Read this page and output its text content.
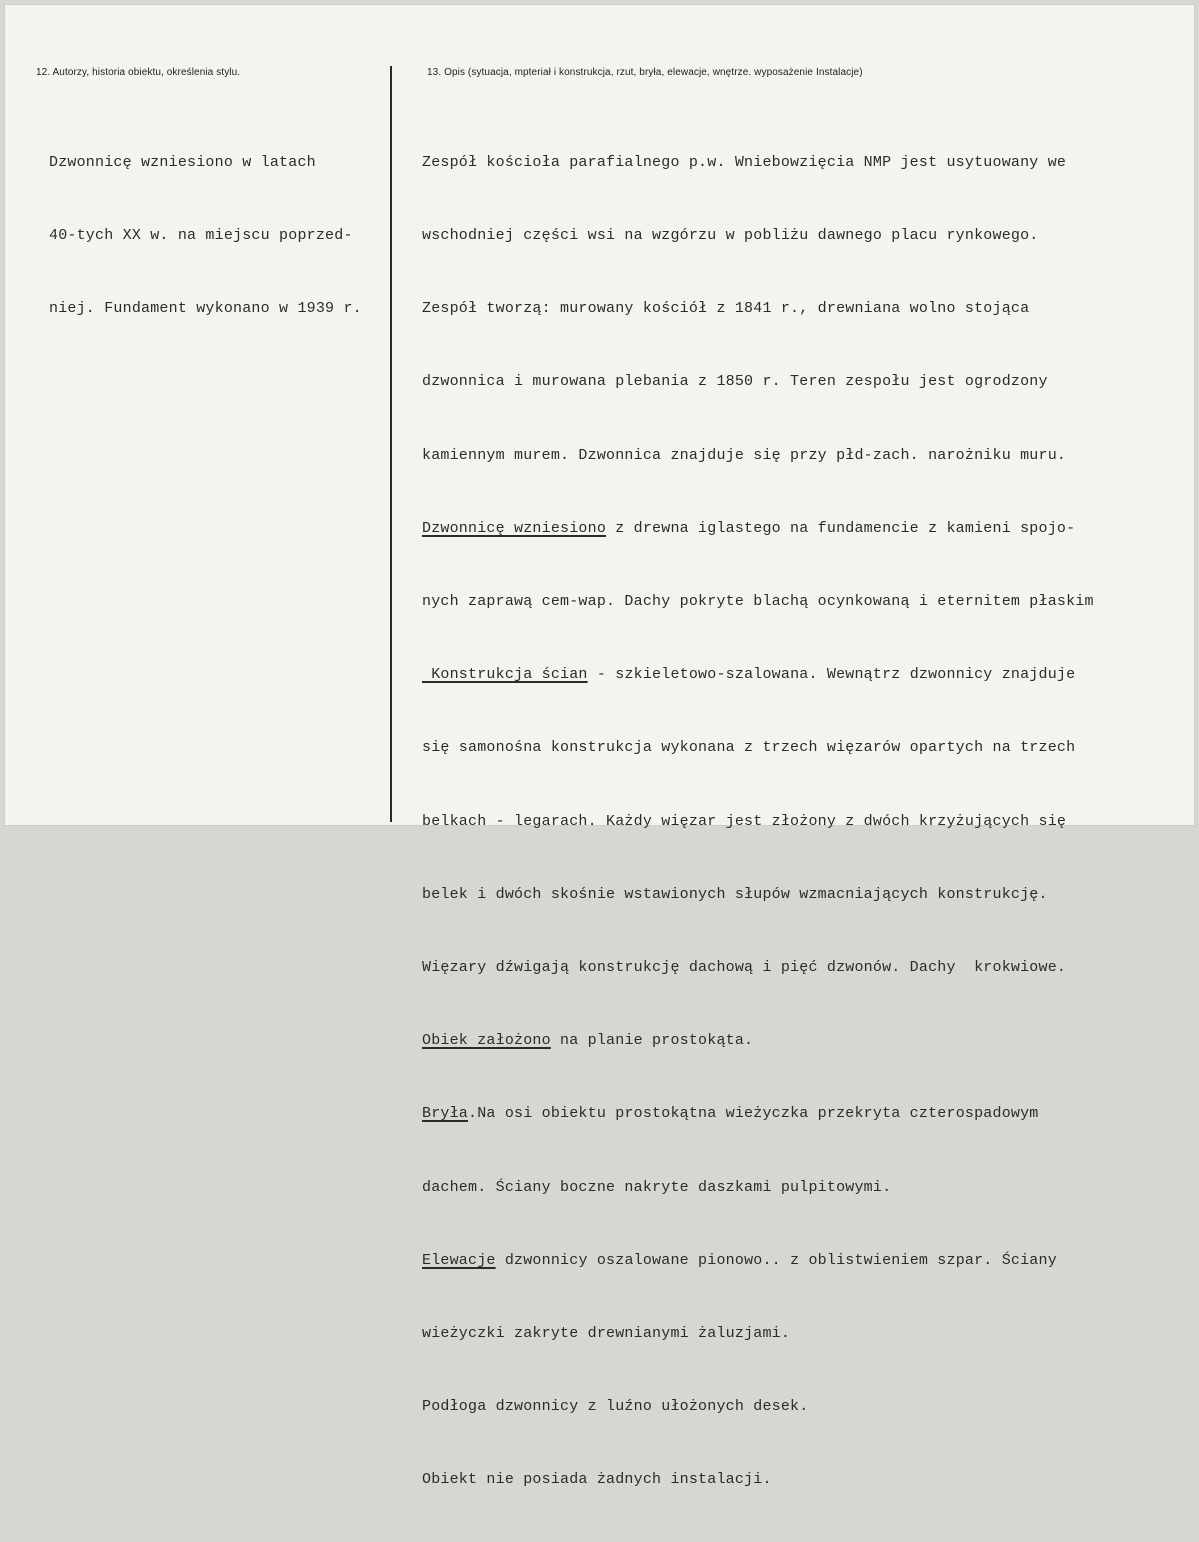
12. Autorzy, historia obiektu, określenia stylu.	13. Opis (sytuacja, mpteriał i konstrukcja, rzut, bryła, elewacje, wnętrze. wyposażenie Instalacje)

Dzwonnicę wzniesiono w latach

40-tych XX w. na miejscu poprzed-

niej. Fundament wykonano w 1939 r.

Zespół kościoła parafialnego p.w. Wniebowzięcia NMP jest usytuowany we

wschodniej części wsi na wzgórzu w pobliżu dawnego placu rynkowego.

Zespół tworzą: murowany kościół z 1841 r., drewniana wolno stojąca

dzwonnica i murowana plebania z 1850 r. Teren zespołu jest ogrodzony

kamiennym murem. Dzwonnica znajduje się przy płd-zach. narożniku muru.

Dzwonnicę wzniesiono z drewna iglastego na fundamencie z kamieni spojo-

nych zaprawą cem-wap. Dachy pokryte blachą ocynkowaną i eternitem płaskim

Konstrukcja ścian - szkieletowo-szalowana. Wewnątrz dzwonnicy znajduje

się samonośna konstrukcja wykonana z trzech więzarów opartych na trzech

belkach - legarach. Każdy więzar jest złożony z dwóch krzyżujących się

belek i dwóch skośnie wstawionych słupów wzmacniających konstrukcję.

Więzary dźwigają konstrukcję dachową i pięć dzwonów. Dachy  krokwiowe.

Obiek założono na planie prostokąta.

Bryła.Na osi obiektu prostokątna wieżyczka przekryta czterospadowym

dachem. Ściany boczne nakryte daszkami pulpitowymi.

Elewacje dzwonnicy oszalowane pionowo.. z oblistwieniem szpar. Ściany

wieżyczki zakryte drewnianymi żaluzjami.

Podłoga dzwonnicy z luźno ułożonych desek.

Obiekt nie posiada żadnych instalacji.
